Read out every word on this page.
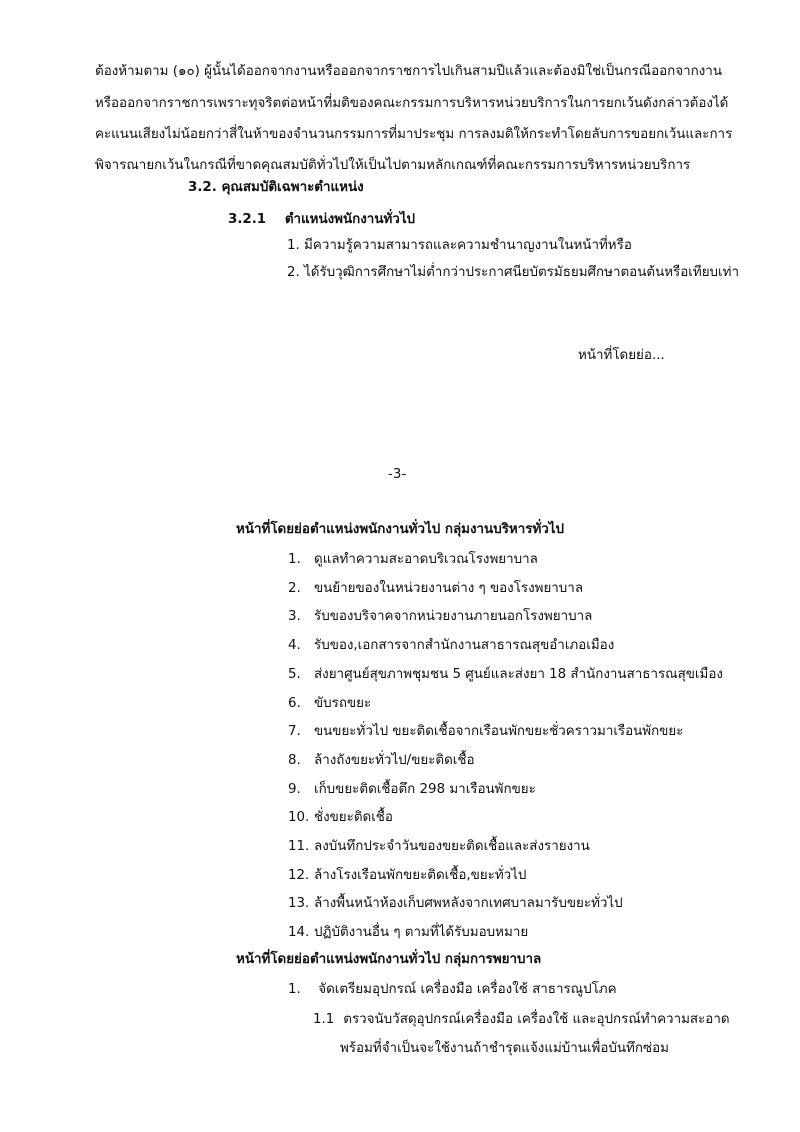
ต้องห้ามตาม (๑๐) ผู้นั้นได้ออกจากงานหรือออกจากราชการไปเกินสามปีแล้วและต้องมิใช่เป็นกรณีออกจากงาน
หรือออกจากราชการเพราะทุจริตต่อหน้าที่มติของคณะกรรมการบริหารหน่วยบริการในการยกเว้นดังกล่าวต้องได้
คะแนนเสียงไม่น้อยกว่าสี่ในห้าของจำนวนกรรมการที่มาประชุม การลงมติให้กระทำโดยลับการขอยกเว้นและการ
พิจารณายกเว้นในกรณีที่ขาดคุณสมบัติทั่วไปให้เป็นไปตามหลักเกณฑ์ที่คณะกรรมการบริหารหน่วยบริการ
3.2. คุณสมบัติเฉพาะตำแหน่ง
3.2.1 ตำแหน่งพนักงานทั่วไป
1. มีความรู้ความสามารถและความชำนาญงานในหน้าที่หรือ
2. ได้รับวุฒิการศึกษาไม่ต่ำกว่าประกาศนียบัตรมัธยมศึกษาตอนต้นหรือเทียบเท่า
หน้าที่โดยย่อ...
-3-
หน้าที่โดยย่อตำแหน่งพนักงานทั่วไป กลุ่มงานบริหารทั่วไป
1. ดูแลทำความสะอาดบริเวณโรงพยาบาล
2. ขนย้ายของในหน่วยงานต่าง ๆ ของโรงพยาบาล
3. รับของบริจาคจากหน่วยงานภายนอกโรงพยาบาล
4. รับของ,เอกสารจากสำนักงานสาธารณสุขอำเภอเมือง
5. ส่งยาศูนย์สุขภาพชุมชน 5 ศูนย์และส่งยา 18 สำนักงานสาธารณสุขเมือง
6. ขับรถขยะ
7. ขนขยะทั่วไป ขยะติดเชื้อจากเรือนพักขยะชั่วคราวมาเรือนพักขยะ
8. ล้างถังขยะทั่วไป/ขยะติดเชื้อ
9. เก็บขยะติดเชื้อตึก 298 มาเรือนพักขยะ
10. ชั่งขยะติดเชื้อ
11. ลงบันทึกประจำวันของขยะติดเชื้อและส่งรายงาน
12. ล้างโรงเรือนพักขยะติดเชื้อ,ขยะทั่วไป
13. ล้างพื้นหน้าห้องเก็บศพหลังจากเทศบาลมารับขยะทั่วไป
14. ปฏิบัติงานอื่น ๆ ตามที่ได้รับมอบหมาย
หน้าที่โดยย่อตำแหน่งพนักงานทั่วไป กลุ่มการพยาบาล
1. จัดเตรียมอุปกรณ์ เครื่องมือ เครื่องใช้ สาธารณูปโภค
1.1 ตรวจนับวัสดุอุปกรณ์เครื่องมือ เครื่องใช้ และอุปกรณ์ทำความสะอาด
พร้อมที่จำเป็นจะใช้งานถ้าชำรุดแจ้งแม่บ้านเพื่อบันทึกซ่อม
